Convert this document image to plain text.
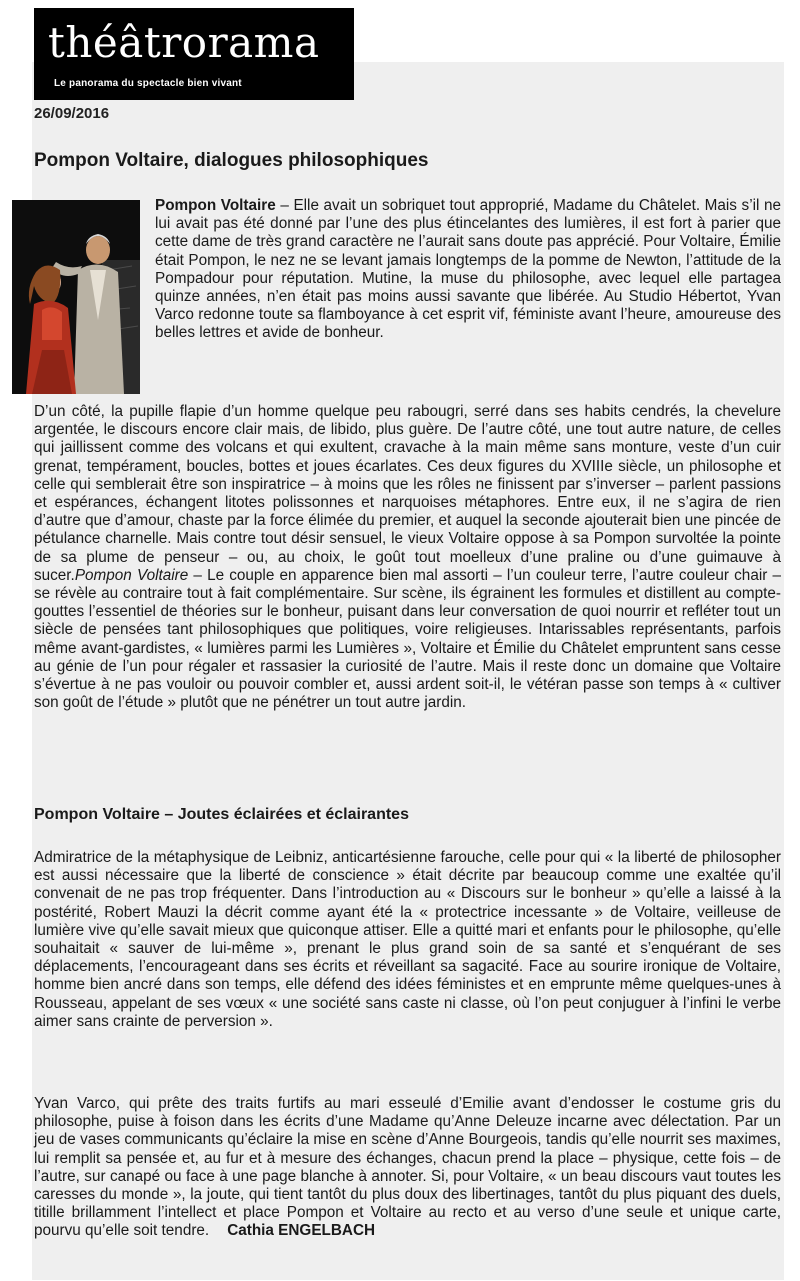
théâtrorama
Le panorama du spectacle bien vivant
26/09/2016
Pompon Voltaire, dialogues philosophiques

Pompon Voltaire – Elle avait un sobriquet tout approprié, Madame du Châtelet. Mais s’il ne lui avait pas été donné par l’une des plus étincelantes des lumières, il est fort à parier que cette dame de très grand caractère ne l’aurait sans doute pas apprécié. Pour Voltaire, Émilie était Pompon, le nez ne se levant jamais longtemps de la pomme de Newton, l’attitude de la Pompadour pour réputation. Mutine, la muse du philosophe, avec lequel elle partagea quinze années, n’en était pas moins aussi savante que libérée. Au Studio Hébertot, Yvan Varco redonne toute sa flamboyance à cet esprit vif, féministe avant l’heure, amoureuse des belles lettres et avide de bonheur.

D’un côté, la pupille flapie d’un homme quelque peu rabougri, serré dans ses habits cendrés, la chevelure argentée, le discours encore clair mais, de libido, plus guère. De l’autre côté, une tout autre nature, de celles qui jaillissent comme des volcans et qui exultent, cravache à la main même sans monture, veste d’un cuir grenat, tempérament, boucles, bottes et joues écarlates. Ces deux figures du XVIIIe siècle, un philosophe et celle qui semblerait être son inspiratrice – à moins que les rôles ne finissent par s’inverser – parlent passions et espérances, échangent litotes polissonnes et narquoises métaphores. Entre eux, il ne s’agira de rien d’autre que d’amour, chaste par la force élimée du premier, et auquel la seconde ajouterait bien une pincée de pétulance charnelle. Mais contre tout désir sensuel, le vieux Voltaire oppose à sa Pompon survoltée la pointe de sa plume de penseur – ou, au choix, le goût tout moelleux d’une praline ou d’une guimauve à sucer.Pompon Voltaire – Le couple en apparence bien mal assorti – l’un couleur terre, l’autre couleur chair – se révèle au contraire tout à fait complémentaire. Sur scène, ils égrainent les formules et distillent au compte-gouttes l’essentiel de théories sur le bonheur, puisant dans leur conversation de quoi nourrir et refléter tout un siècle de pensées tant philosophiques que politiques, voire religieuses. Intarissables représentants, parfois même avant-gardistes, « lumières parmi les Lumières », Voltaire et Émilie du Châtelet empruntent sans cesse au génie de l’un pour régaler et rassasier la curiosité de l’autre. Mais il reste donc un domaine que Voltaire s’évertue à ne pas vouloir ou pouvoir combler et, aussi ardent soit-il, le vétéran passe son temps à « cultiver son goût de l’étude » plutôt que ne pénétrer un tout autre jardin.

Pompon Voltaire – Joutes éclairées et éclairantes

Admiratrice de la métaphysique de Leibniz, anticartésienne farouche, celle pour qui « la liberté de philosopher est aussi nécessaire que la liberté de conscience » était décrite par beaucoup comme une exaltée qu’il convenait de ne pas trop fréquenter. Dans l’introduction au « Discours sur le bonheur » qu’elle a laissé à la postérité, Robert Mauzi la décrit comme ayant été la « protectrice incessante » de Voltaire, veilleuse de lumière vive qu’elle savait mieux que quiconque attiser. Elle a quitté mari et enfants pour le philosophe, qu’elle souhaitait « sauver de lui-même », prenant le plus grand soin de sa santé et s’enquérant de ses déplacements, l’encourageant dans ses écrits et réveillant sa sagacité. Face au sourire ironique de Voltaire, homme bien ancré dans son temps, elle défend des idées féministes et en emprunte même quelques-unes à Rousseau, appelant de ses vœux « une société sans caste ni classe, où l’on peut conjuguer à l’infini le verbe aimer sans crainte de perversion ».

Yvan Varco, qui prête des traits furtifs au mari esseulé d’Emilie avant d’endosser le costume gris du philosophe, puise à foison dans les écrits d’une Madame qu’Anne Deleuze incarne avec délectation. Par un jeu de vases communicants qu’éclaire la mise en scène d’Anne Bourgeois, tandis qu’elle nourrit ses maximes, lui remplit sa pensée et, au fur et à mesure des échanges, chacun prend la place – physique, cette fois – de l’autre, sur canapé ou face à une page blanche à annoter. Si, pour Voltaire, « un beau discours vaut toutes les caresses du monde », la joute, qui tient tantôt du plus doux des libertinages, tantôt du plus piquant des duels, titille brillamment l’intellect et place Pompon et Voltaire au recto et au verso d’une seule et unique carte, pourvu qu’elle soit tendre. Cathia ENGELBACH
